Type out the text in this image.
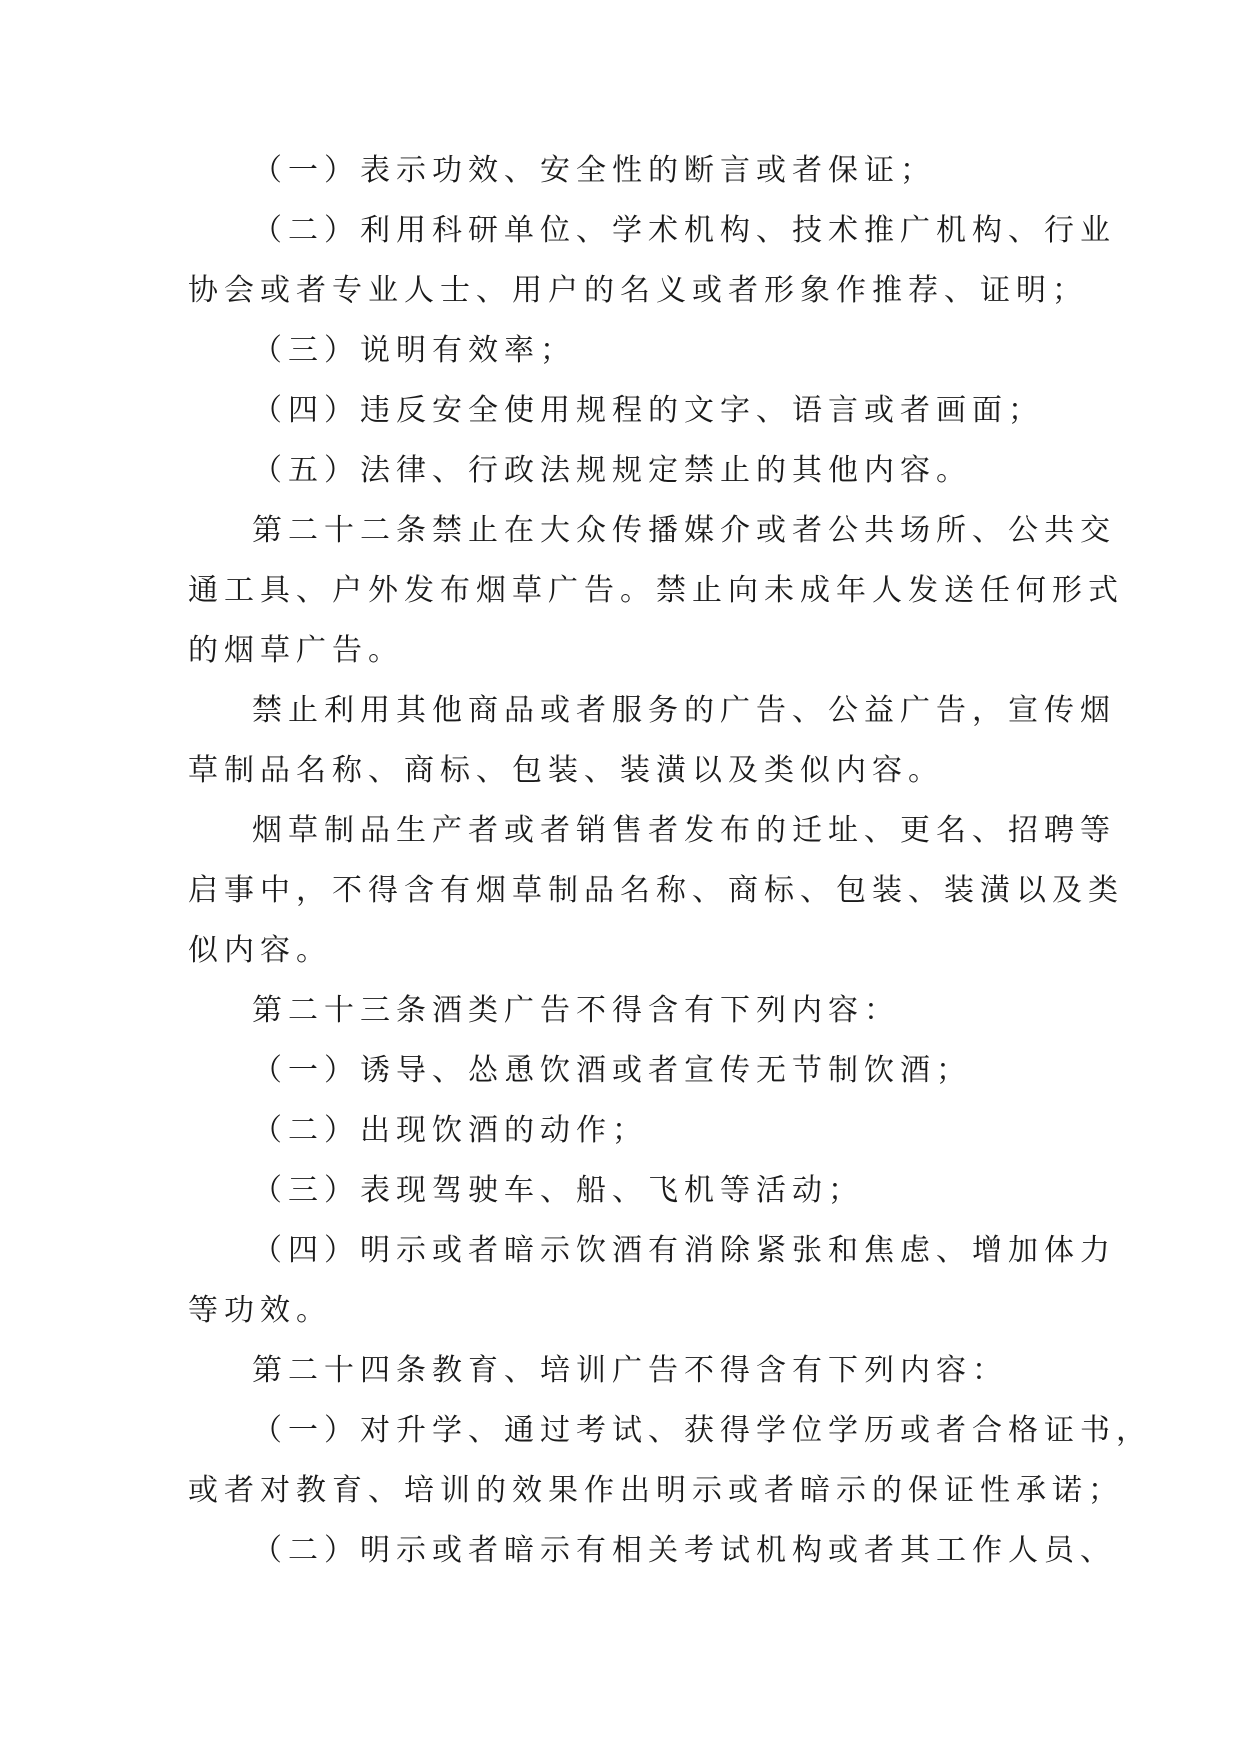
（一）表示功效、安全性的断言或者保证；
（二）利用科研单位、学术机构、技术推广机构、行业
协会或者专业人士、用户的名义或者形象作推荐、证明；
（三）说明有效率；
（四）违反安全使用规程的文字、语言或者画面；
（五）法律、行政法规规定禁止的其他内容。
第二十二条禁止在大众传播媒介或者公共场所、公共交
通工具、户外发布烟草广告。禁止向未成年人发送任何形式
的烟草广告。
禁止利用其他商品或者服务的广告、公益广告，宣传烟
草制品名称、商标、包装、装潢以及类似内容。
烟草制品生产者或者销售者发布的迁址、更名、招聘等
启事中，不得含有烟草制品名称、商标、包装、装潢以及类
似内容。
第二十三条酒类广告不得含有下列内容：
（一）诱导、怂恿饮酒或者宣传无节制饮酒；
（二）出现饮酒的动作；
（三）表现驾驶车、船、飞机等活动；
（四）明示或者暗示饮酒有消除紧张和焦虑、增加体力
等功效。
第二十四条教育、培训广告不得含有下列内容：
（一）对升学、通过考试、获得学位学历或者合格证书，
或者对教育、培训的效果作出明示或者暗示的保证性承诺；
（二）明示或者暗示有相关考试机构或者其工作人员、
